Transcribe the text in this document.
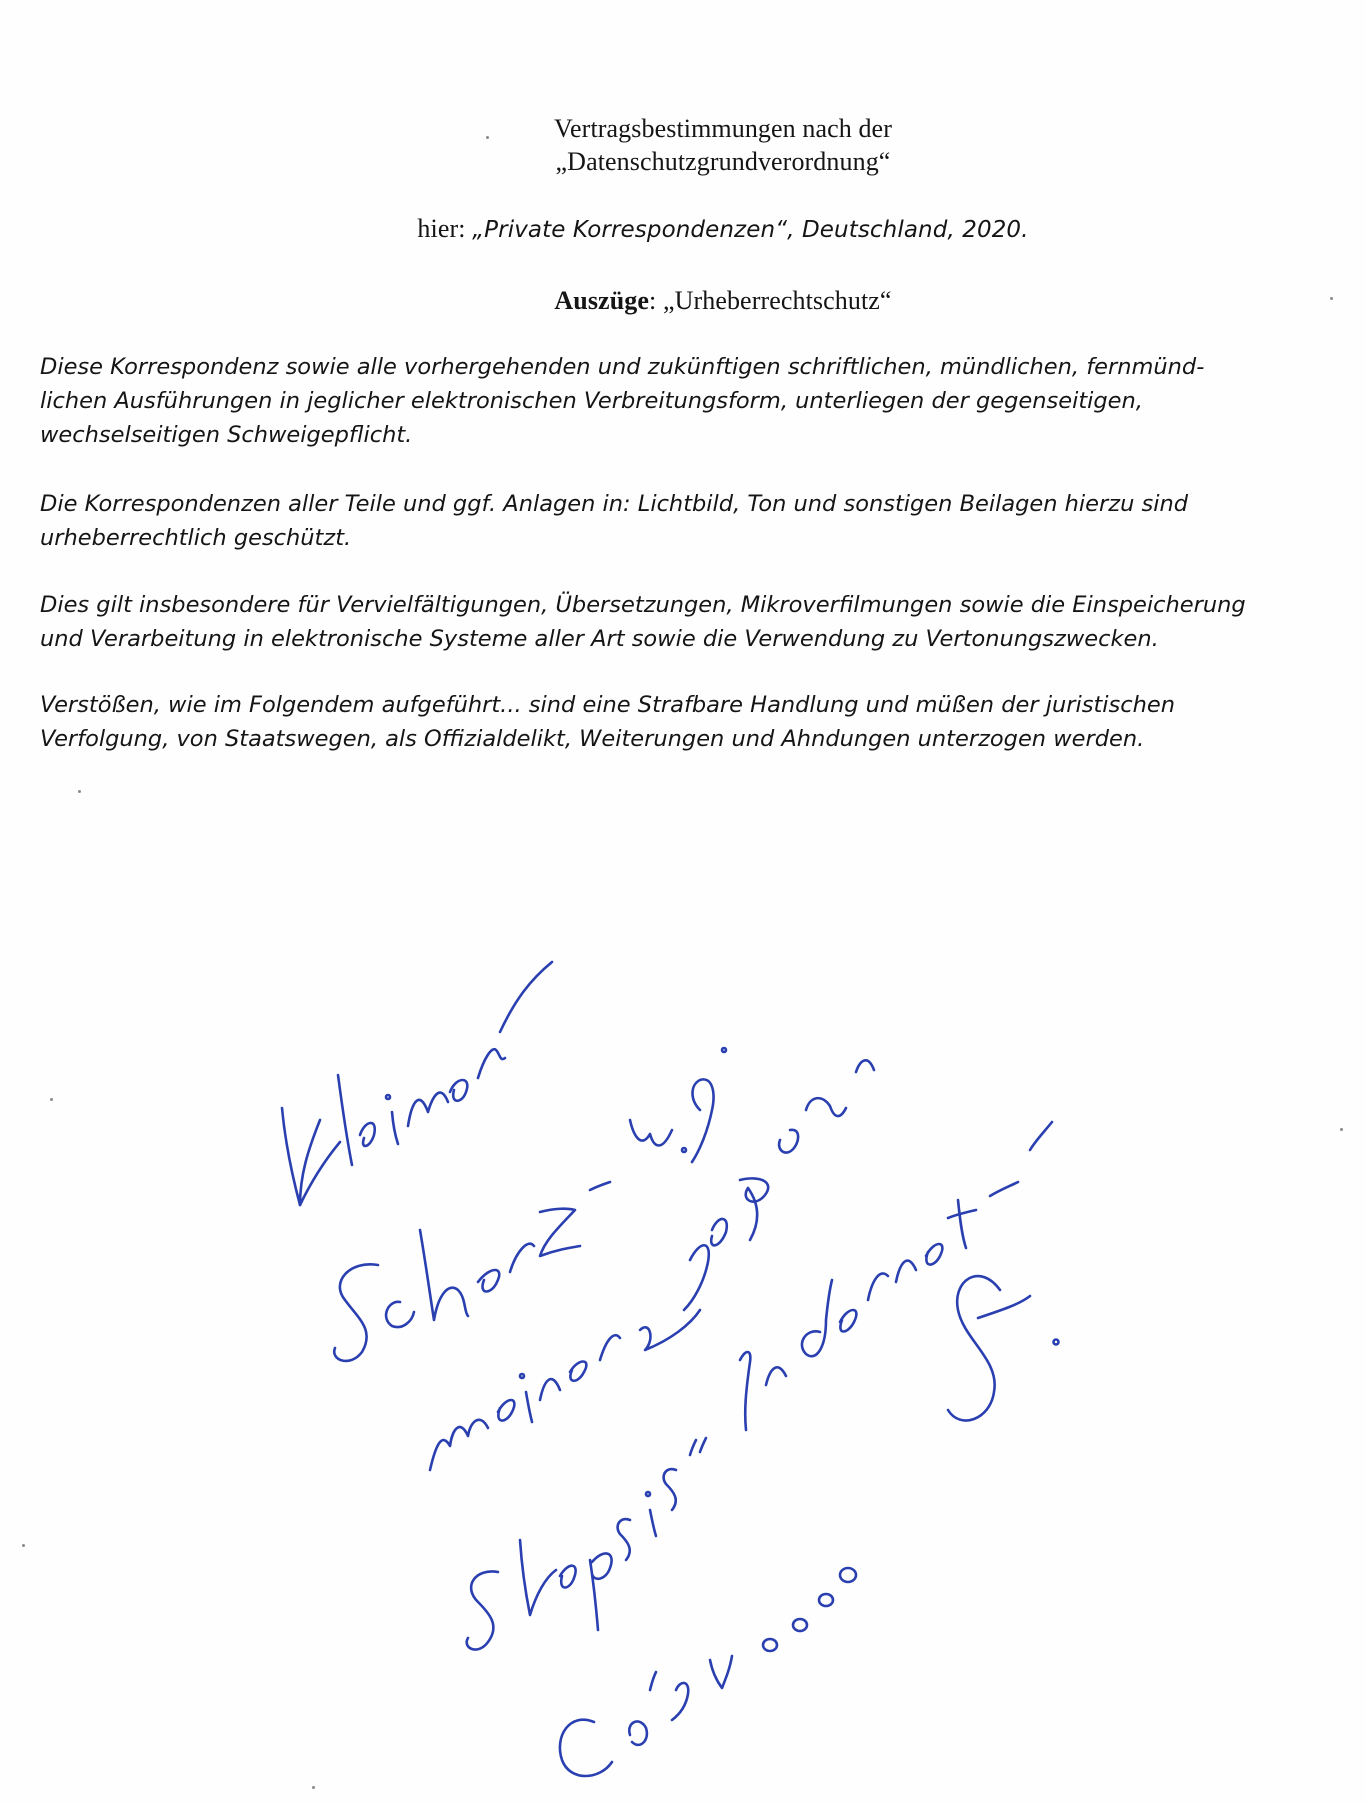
Vertragsbestimmungen nach der
„Datenschutzgrundverordnung“
hier: „Private Korrespondenzen“, Deutschland, 2020.
Auszüge: „Urheberrechtschutz“
Diese Korrespondenz sowie alle vorhergehenden und zukünftigen schriftlichen, mündlichen, fernmünd-
lichen Ausführungen in jeglicher elektronischen Verbreitungsform, unterliegen der gegenseitigen,
wechselseitigen Schweigepflicht.
Die Korrespondenzen aller Teile und ggf. Anlagen in: Lichtbild, Ton und sonstigen Beilagen hierzu sind
urheberrechtlich geschützt.
Dies gilt insbesondere für Vervielfältigungen, Übersetzungen, Mikroverfilmungen sowie die Einspeicherung
und Verarbeitung in elektronische Systeme aller Art sowie die Verwendung zu Vertonungszwecken.
Verstößen, wie im Folgendem aufgeführt... sind eine Strafbare Handlung und müßen der juristischen
Verfolgung, von Staatswegen, als Offizialdelikt, Weiterungen und Ahndungen unterzogen werden.
